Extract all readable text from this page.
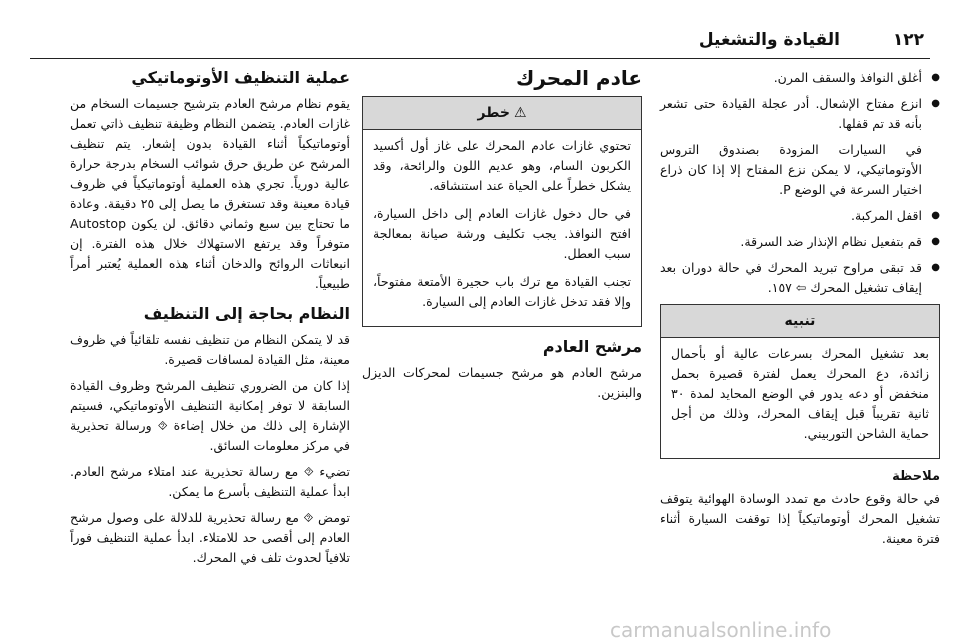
١٢٢
القيادة والتشغيل
● أغلق النوافذ والسقف المرن.
● انزع مفتاح الإشعال. أدر عجلة القيادة حتى تشعر بأنه قد تم قفلها.

في السيارات المزودة بصندوق التروس الأوتوماتيكي، لا يمكن نزع المفتاح إلا إذا كان ذراع اختيار السرعة في الوضع P.

● اقفل المركبة.
● قم بتفعيل نظام الإنذار ضد السرقة.
● قد تبقى مراوح تبريد المحرك في حالة دوران بعد إيقاف تشغيل المحرك ⇦ ١٥٧.
تنبيه

بعد تشغيل المحرك بسرعات عالية أو بأحمال زائدة، دع المحرك يعمل لفترة قصيرة بحمل منخفض أو دعه يدور في الوضع المحايد لمدة ٣٠ ثانية تقريباً قبل إيقاف المحرك، وذلك من أجل حماية الشاحن التوربيني.

ملاحظة

في حالة وقوع حادث مع تمدد الوسادة الهوائية يتوقف تشغيل المحرك أوتوماتيكياً إذا توقفت السيارة أثناء فترة معينة.

عادم المحرك
⚠خطر

تحتوي غازات عادم المحرك على غاز أول أكسيد الكربون السام، وهو عديم اللون والرائحة، وقد يشكل خطراً على الحياة عند استنشاقه.

في حال دخول غازات العادم إلى داخل السيارة، افتح النوافذ. يجب تكليف ورشة صيانة بمعالجة سبب العطل.

تجنب القيادة مع ترك باب حجيرة الأمتعة مفتوحاً، وإلا فقد تدخل غازات العادم إلى السيارة.

مرشح العادم

مرشح العادم هو مرشح جسيمات لمحركات الديزل والبنزين.

عملية التنظيف الأوتوماتيكي

يقوم نظام مرشح العادم بترشيح جسيمات السخام من غازات العادم. يتضمن النظام وظيفة تنظيف ذاتي تعمل أوتوماتيكياً أثناء القيادة بدون إشعار. يتم تنظيف المرشح عن طريق حرق شوائب السخام بدرجة حرارة عالية دورياً. تجري هذه العملية أوتوماتيكياً في ظروف قيادة معينة وقد تستغرق ما يصل إلى ٢٥ دقيقة. وعادة ما تحتاج بين سبع وثماني دقائق. لن يكون Autostop متوفراً وقد يرتفع الاستهلاك خلال هذه الفترة. إن انبعاثات الروائح والدخان أثناء هذه العملية يُعتبر أمراً طبيعياً.

النظام بحاجة إلى التنظيف

قد لا يتمكن النظام من تنظيف نفسه تلقائياً في ظروف معينة، مثل القيادة لمسافات قصيرة.

إذا كان من الضروري تنظيف المرشح وظروف القيادة السابقة لا توفر إمكانية التنظيف الأوتوماتيكي، فسيتم الإشارة إلى ذلك من خلال إضاءة ⯑ ورسالة تحذيرية في مركز معلومات السائق.

تضيء ⯑ مع رسالة تحذيرية عند امتلاء مرشح العادم. ابدأ عملية التنظيف بأسرع ما يمكن.

تومض ⯑ مع رسالة تحذيرية للدلالة على وصول مرشح العادم إلى أقصى حد للامتلاء. ابدأ عملية التنظيف فوراً تلافياً لحدوث تلف في المحرك.

carmanualsonline.info
